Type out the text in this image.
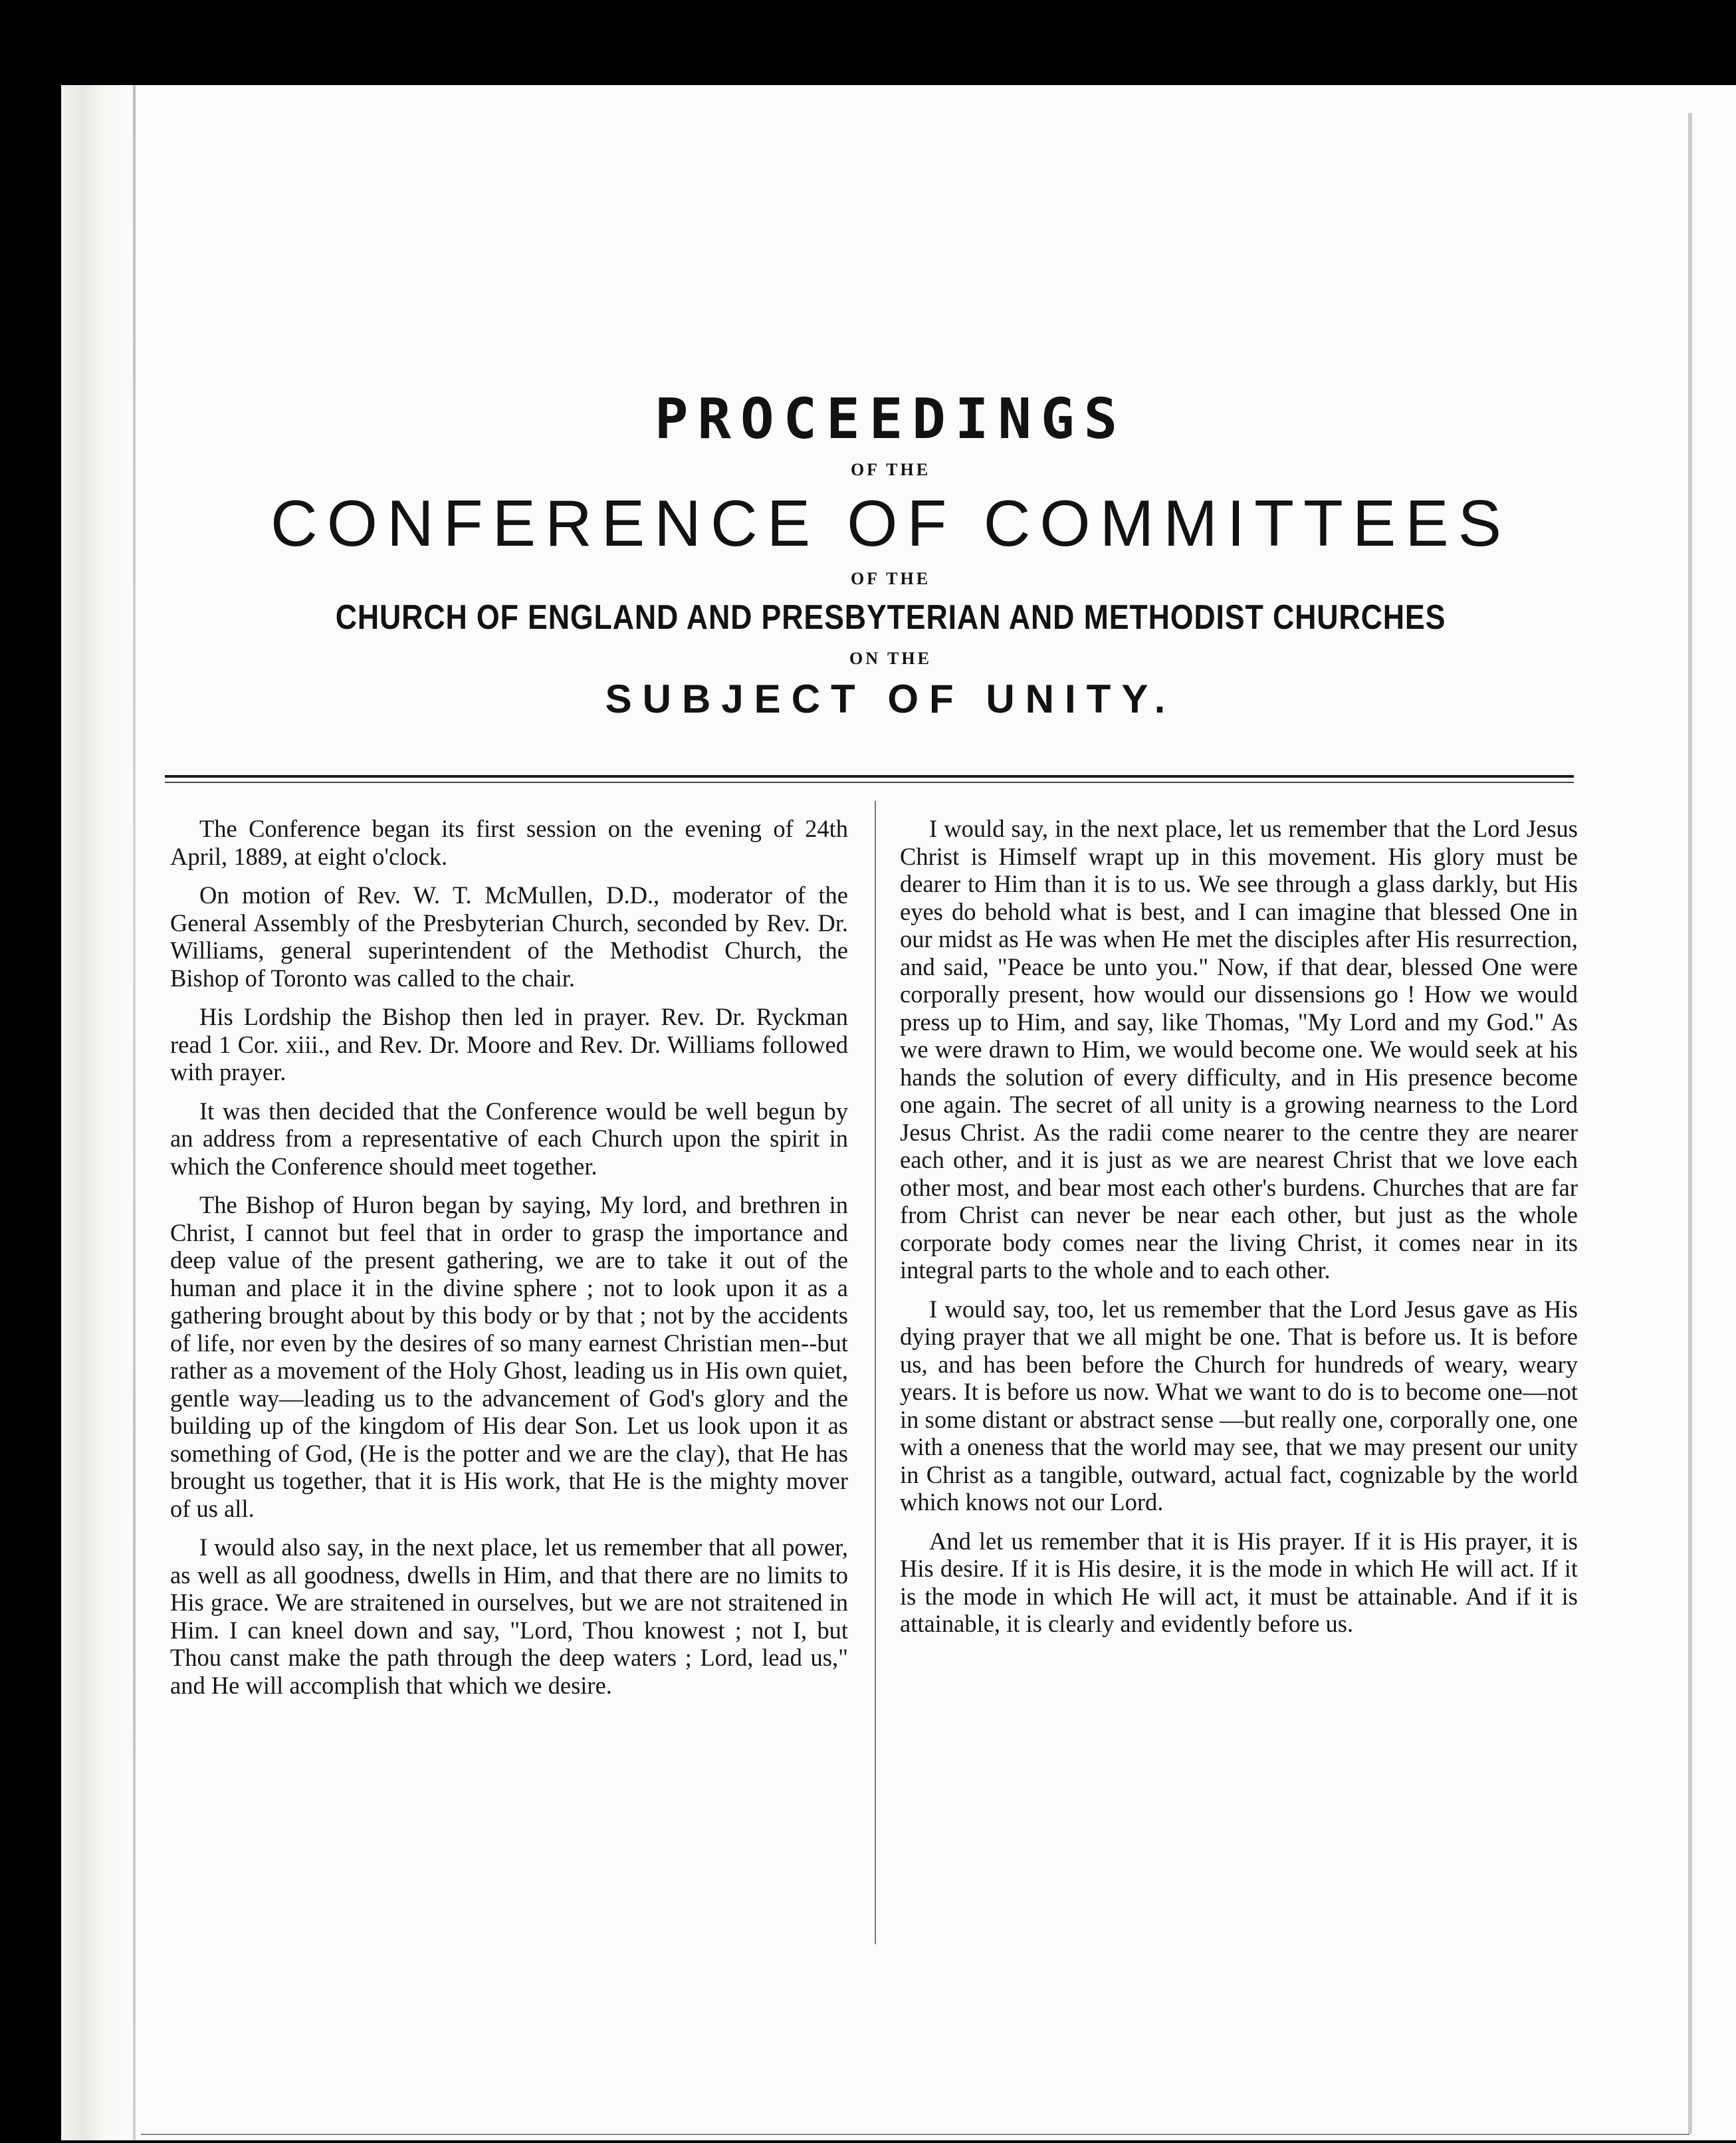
PROCEEDINGS
OF THE
CONFERENCE OF COMMITTEES
OF THE
CHURCH OF ENGLAND AND PRESBYTERIAN AND METHODIST CHURCHES
ON THE
SUBJECT OF UNITY.

The Conference began its first session on the evening of 24th April, 1889, at eight o'clock.

On motion of Rev. W. T. McMullen, D.D., moderator of the General Assembly of the Presbyterian Church, seconded by Rev. Dr. Williams, general superintendent of the Methodist Church, the Bishop of Toronto was called to the chair.

His Lordship the Bishop then led in prayer. Rev. Dr. Ryckman read 1 Cor. xiii., and Rev. Dr. Moore and Rev. Dr. Williams followed with prayer.

It was then decided that the Conference would be well begun by an address from a representative of each Church upon the spirit in which the Conference should meet together.

The Bishop of Huron began by saying, My lord, and brethren in Christ, I cannot but feel that in order to grasp the importance and deep value of the present gathering, we are to take it out of the human and place it in the divine sphere ; not to look upon it as a gathering brought about by this body or by that ; not by the accidents of life, nor even by the desires of so many earnest Christian men--but rather as a movement of the Holy Ghost, leading us in His own quiet, gentle way—leading us to the advancement of God's glory and the building up of the kingdom of His dear Son. Let us look upon it as something of God, (He is the potter and we are the clay), that He has brought us together, that it is His work, that He is the mighty mover of us all.

I would also say, in the next place, let us remember that all power, as well as all goodness, dwells in Him, and that there are no limits to His grace. We are straitened in ourselves, but we are not straitened in Him. I can kneel down and say, "Lord, Thou knowest ; not I, but Thou canst make the path through the deep waters ; Lord, lead us," and He will accomplish that which we desire.

I would say, in the next place, let us remember that the Lord Jesus Christ is Himself wrapt up in this movement. His glory must be dearer to Him than it is to us. We see through a glass darkly, but His eyes do behold what is best, and I can imagine that blessed One in our midst as He was when He met the disciples after His resurrection, and said, "Peace be unto you." Now, if that dear, blessed One were corporally present, how would our dissensions go ! How we would press up to Him, and say, like Thomas, "My Lord and my God." As we were drawn to Him, we would become one. We would seek at his hands the solution of every difficulty, and in His presence become one again. The secret of all unity is a growing nearness to the Lord Jesus Christ. As the radii come nearer to the centre they are nearer each other, and it is just as we are nearest Christ that we love each other most, and bear most each other's burdens. Churches that are far from Christ can never be near each other, but just as the whole corporate body comes near the living Christ, it comes near in its integral parts to the whole and to each other.

I would say, too, let us remember that the Lord Jesus gave as His dying prayer that we all might be one. That is before us. It is before us, and has been before the Church for hundreds of weary, weary years. It is before us now. What we want to do is to become one—not in some distant or abstract sense —but really one, corporally one, one with a oneness that the world may see, that we may present our unity in Christ as a tangible, outward, actual fact, cognizable by the world which knows not our Lord.

And let us remember that it is His prayer. If it is His prayer, it is His desire. If it is His desire, it is the mode in which He will act. If it is the mode in which He will act, it must be attainable. And if it is attainable, it is clearly and evidently before us.
